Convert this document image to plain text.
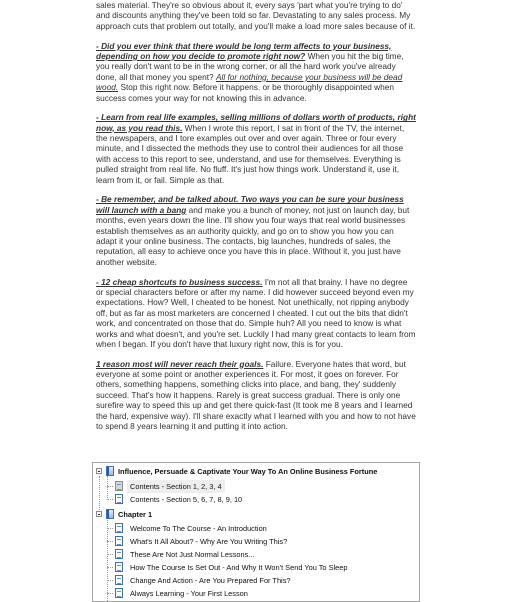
sales material. They're so obvious about it, every says 'part what you're trying to do' and discounts anything they've been told so far. Devastating to any sales process. My approach cuts that problem out totally, and you'll make a load more sales because of it.

- Did you ever think that there would be long term affects to your business, depending on how you decide to promote right now? When you hit the big time, you really don't want to be in the wrong corner, or all the hard work you've already done, all that money you spent? All for nothing, because your business will be dead wood. Stop this right now. Before it happens. or be thoroughly disappointed when success comes your way for not knowing this in advance.

- Learn from real life examples, selling millions of dollars worth of products, right now, as you read this. When I wrote this report, I sat in front of the TV, the internet, the newspapers, and I tore examples out over and over again. Three or four every minute, and I dissected the methods they use to control their audiences for all those with access to this report to see, understand, and use for themselves. Everything is pulled straight from real life. No fluff. It's just how things work. Understand it, use it, learn from it, or fail. Simple as that.

- Be remember, and be talked about. Two ways you can be sure your business will launch with a bang and make you a bunch of money, not just on launch day, but months, even years down the line. I'll show you four ways that real world businesses establish themselves as an authority quickly, and go on to show you how you can adapt it your online business. The contacts, big launches, hundreds of sales, the reputation, all easy to achieve once you have this in place. Without it, you just have another website.

- 12 cheap shortcuts to business success. I'm not all that brainy. I have no degree or special characters before or after my name. I did however succeed beyond even my expectations. How? Well, I cheated to be honest. Not unethically, not ripping anybody off, but as far as most marketers are concerned I cheated. I cut out the bits that didn't work, and concentrated on those that do. Simple huh? All you need to know is what works and what doesn't, and you're set. Luckily I had many great contacts to learn from when I began. If you don't have that luxury right now, this is for you.

1 reason most will never reach their goals. Failure. Everyone hates that word, but everyone at some point or another experiences it. For most, it goes on forever. For others, something happens, something clicks into place, and bang, they' suddenly succeed. That's how it happens. Rarely is great success gradual. There is only one surefire way to speed this up and get there quick-fast (It took me 8 years and I learned the hard, expensive way). I'll share exactly what I learned with you and how to not have to spend 8 years learning it and putting it into action.

Influence, Persuade & Captivate Your Way To An Online Business Fortune
Contents - Section 1, 2, 3, 4
Contents - Section 5, 6, 7, 8, 9, 10
Chapter 1
Welcome To The Course - An Introduction
What's It All About? - Why Are You Writing This?
These Are Not Just Normal Lessons...
How The Course Is Set Out - And Why It Won't Send You To Sleep
Change And Action - Are You Prepared For This?
Always Learning - Your First Lesson
